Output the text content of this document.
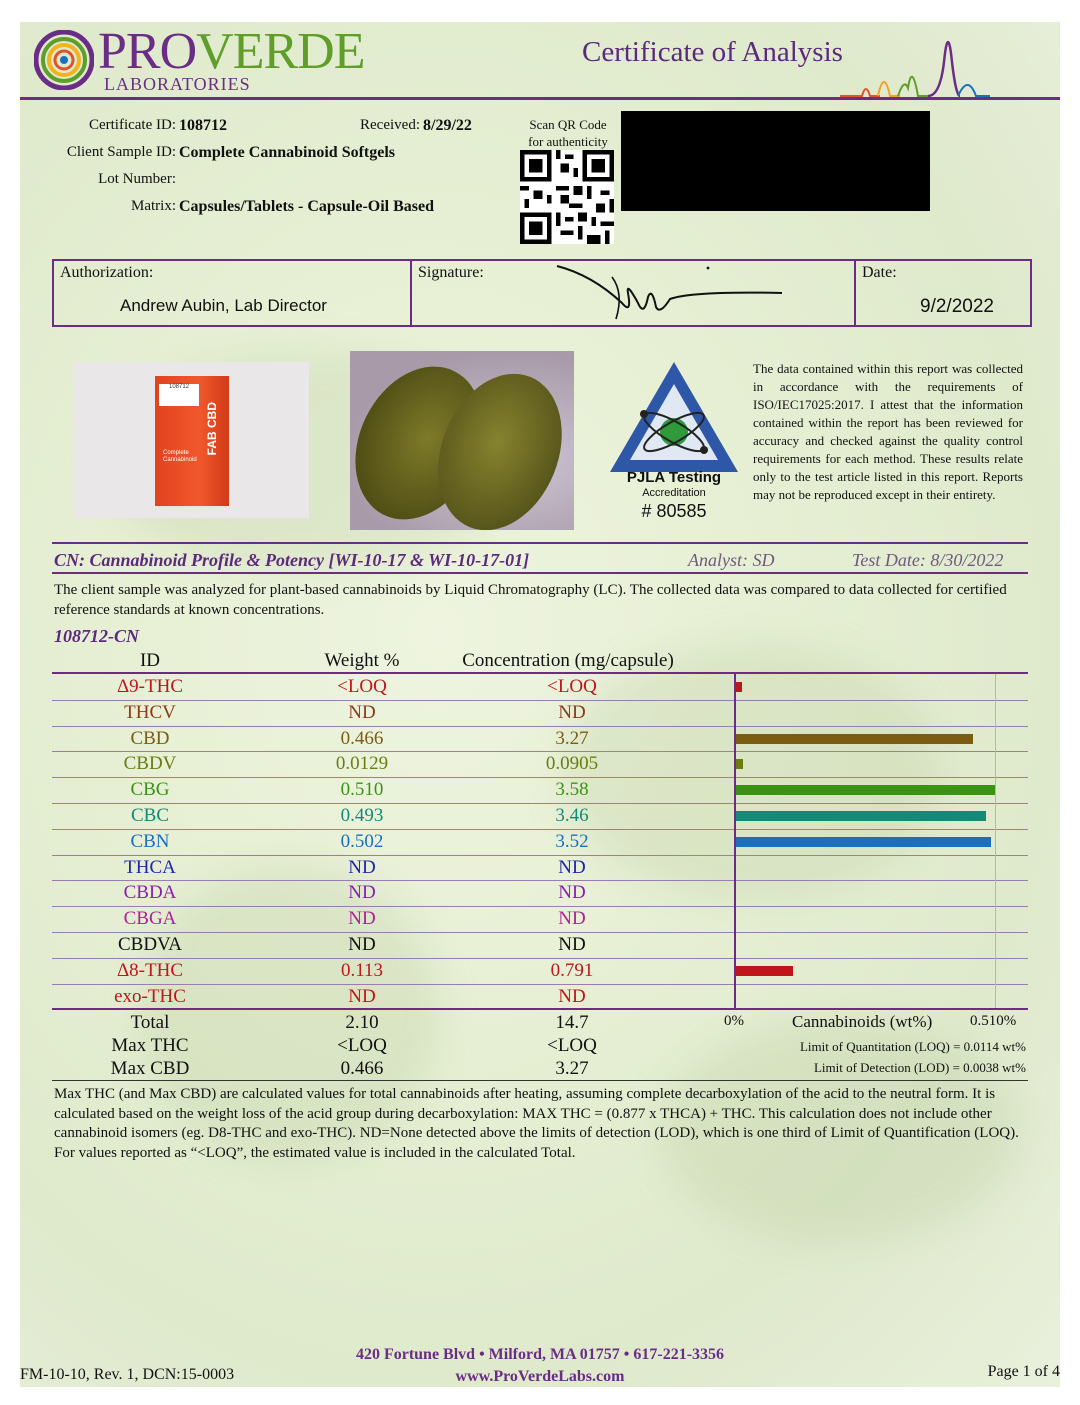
PROVERDE
LABORATORIES
Certificate of Analysis
Certificate ID: 108712	Received: 8/29/22
Client Sample ID: Complete Cannabinoid Softgels
Lot Number:
Matrix: Capsules/Tablets - Capsule-Oil Based
Scan QR Code
for authenticity
Authorization:
Andrew Aubin, Lab Director
Signature:	Date:
9/2/2022
108712
FAB CBD
Complete Cannabinoid
PJLA Testing
Accreditation
# 80585
The data contained within this report was collected in accordance with the requirements of ISO/IEC17025:2017. I attest that the information contained within the report has been reviewed for accuracy and checked against the quality control requirements for each method. These results relate only to the test article listed in this report. Reports may not be reproduced except in their entirety.
CN: Cannabinoid Profile & Potency [WI-10-17 & WI-10-17-01]	Analyst: SD	Test Date: 8/30/2022
The client sample was analyzed for plant-based cannabinoids by Liquid Chromatography (LC). The collected data was compared to data collected for certified reference standards at known concentrations.
108712-CN
ID	Weight %	Concentration (mg/capsule)
Δ9-THC	<LOQ	<LOQ
THCV	ND	ND
CBD	0.466	3.27
CBDV	0.0129	0.0905
CBG	0.510	3.58
CBC	0.493	3.46
CBN	0.502	3.52
THCA	ND	ND
CBDA	ND	ND
CBGA	ND	ND
CBDVA	ND	ND
Δ8-THC	0.113	0.791
exo-THC	ND	ND
Total	2.10	14.7
Max THC	<LOQ	<LOQ
Max CBD	0.466	3.27
0%	Cannabinoids (wt%)	0.510%
Limit of Quantitation (LOQ) = 0.0114 wt%
Limit of Detection (LOD) = 0.0038 wt%
Max THC (and Max CBD) are calculated values for total cannabinoids after heating, assuming complete decarboxylation of the acid to the neutral form. It is calculated based on the weight loss of the acid group during decarboxylation: MAX THC = (0.877 x THCA) + THC. This calculation does not include other cannabinoid isomers (eg. D8-THC and exo-THC). ND=None detected above the limits of detection (LOD), which is one third of Limit of Quantification (LOQ). For values reported as “<LOQ”, the estimated value is included in the calculated Total.
420 Fortune Blvd • Milford, MA 01757 • 617-221-3356
www.ProVerdeLabs.com
FM-10-10, Rev. 1, DCN:15-0003	Page 1 of 4
